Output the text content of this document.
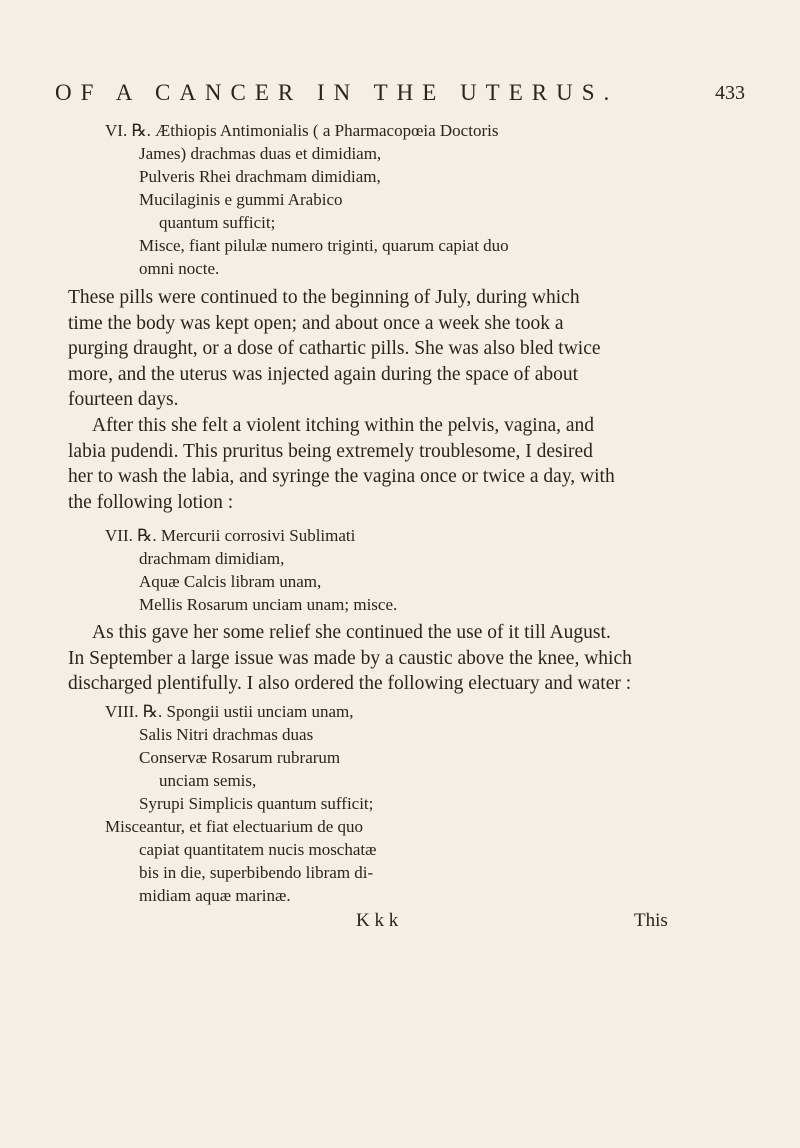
OF A CANCER IN THE UTERUS.	433
VI. ℞. Æthiopis Antimonialis ( a Pharmacopœia Doctoris
James) drachmas duas et dimidiam,
Pulveris Rhei drachmam dimidiam,
Mucilaginis e gummi Arabico
quantum sufficit;
Misce, fiant pilulæ numero triginti, quarum capiat duo
omni nocte.
These pills were continued to the beginning of July, during which
time the body was kept open; and about once a week she took a
purging draught, or a dose of cathartic pills. She was also bled twice
more, and the uterus was injected again during the space of about
fourteen days.
After this she felt a violent itching within the pelvis, vagina, and
labia pudendi. This pruritus being extremely troublesome, I desired
her to wash the labia, and syringe the vagina once or twice a day, with
the following lotion :
VII. ℞. Mercurii corrosivi Sublimati
drachmam dimidiam,
Aquæ Calcis libram unam,
Mellis Rosarum unciam unam; misce.
As this gave her some relief she continued the use of it till August.
In September a large issue was made by a caustic above the knee, which
discharged plentifully. I also ordered the following electuary and water :
VIII. ℞. Spongii ustii unciam unam,
Salis Nitri drachmas duas
Conservæ Rosarum rubrarum
unciam semis,
Syrupi Simplicis quantum sufficit;
Misceantur, et fiat electuarium de quo
capiat quantitatem nucis moschatæ
bis in die, superbibendo libram di-
midiam aquæ marinæ.
K k k	This
